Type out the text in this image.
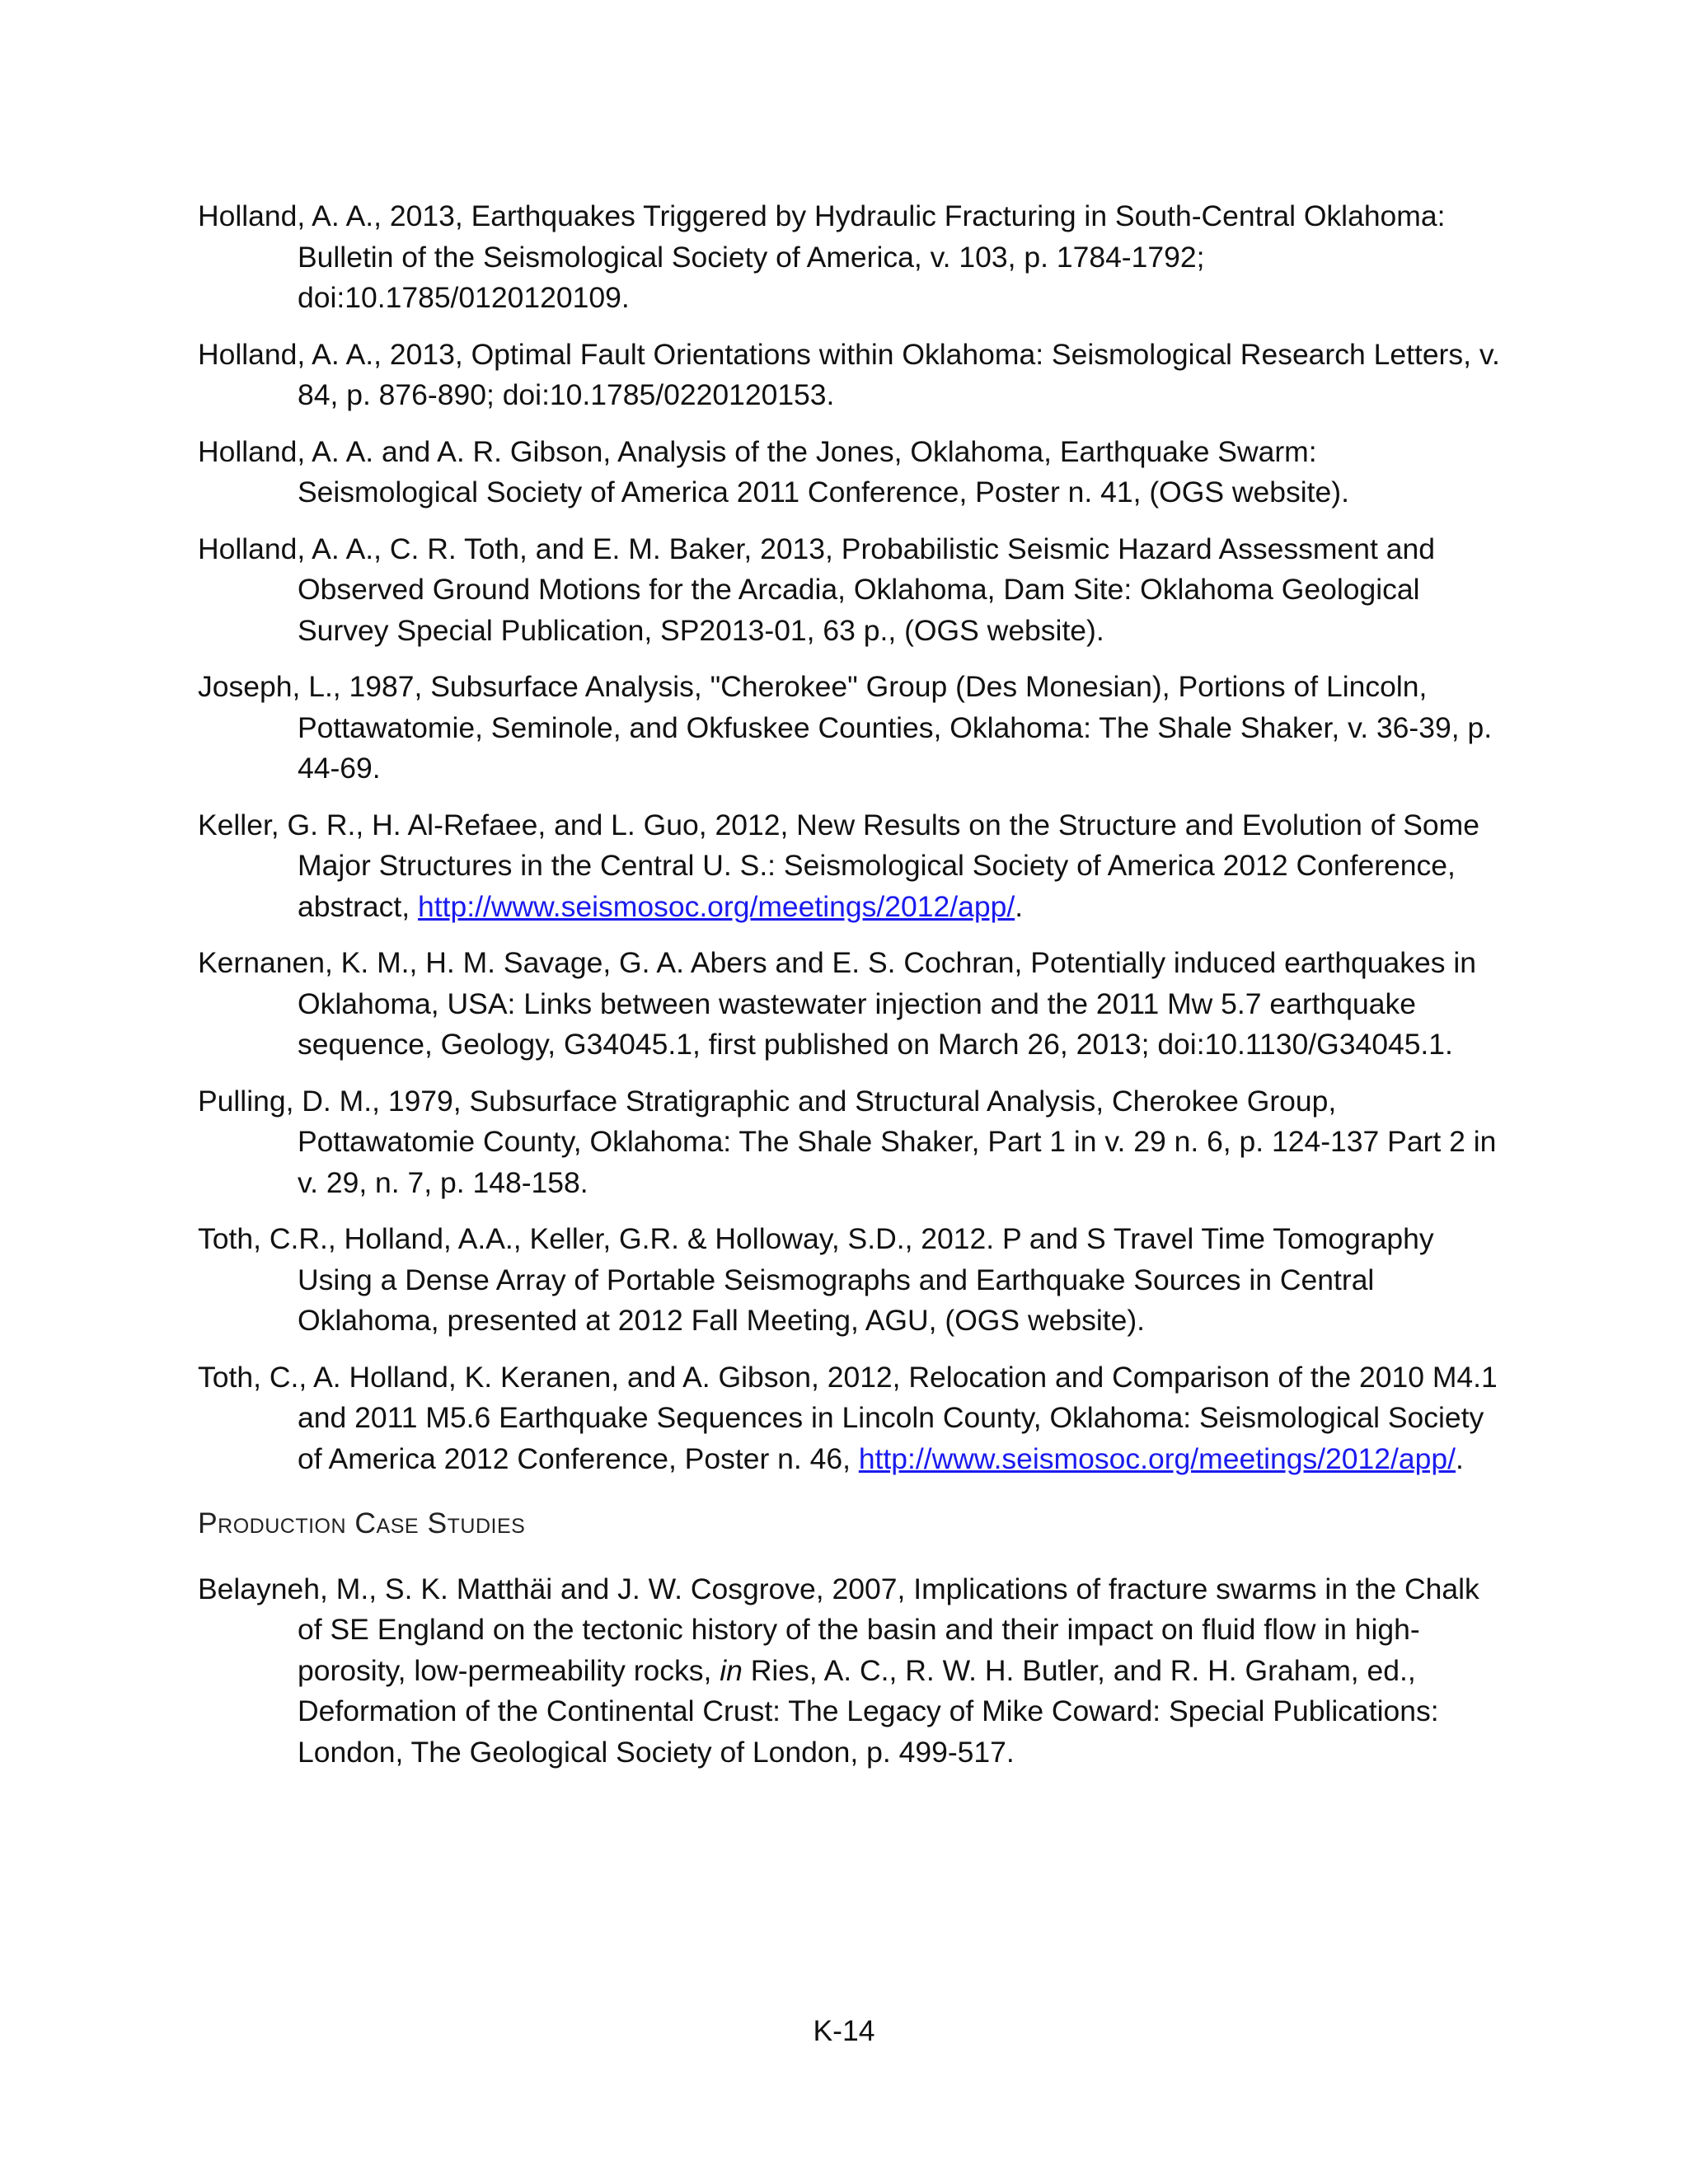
Holland, A. A., 2013, Earthquakes Triggered by Hydraulic Fracturing in South-Central Oklahoma: Bulletin of the Seismological Society of America, v. 103, p. 1784-1792; doi:10.1785/0120120109.

Holland, A. A., 2013, Optimal Fault Orientations within Oklahoma: Seismological Research Letters, v. 84, p. 876-890; doi:10.1785/0220120153.

Holland, A. A. and A. R. Gibson, Analysis of the Jones, Oklahoma, Earthquake Swarm: Seismological Society of America 2011 Conference, Poster n. 41, (OGS website).

Holland, A. A., C. R. Toth, and E. M. Baker, 2013, Probabilistic Seismic Hazard Assessment and Observed Ground Motions for the Arcadia, Oklahoma, Dam Site: Oklahoma Geological Survey Special Publication, SP2013-01, 63 p., (OGS website).

Joseph, L., 1987, Subsurface Analysis, "Cherokee" Group (Des Monesian), Portions of Lincoln, Pottawatomie, Seminole, and Okfuskee Counties, Oklahoma: The Shale Shaker, v. 36-39, p. 44-69.

Keller, G. R., H. Al-Refaee, and L. Guo, 2012, New Results on the Structure and Evolution of Some Major Structures in the Central U. S.: Seismological Society of America 2012 Conference, abstract, http://www.seismosoc.org/meetings/2012/app/.

Kernanen, K. M., H. M. Savage, G. A. Abers and E. S. Cochran, Potentially induced earthquakes in Oklahoma, USA: Links between wastewater injection and the 2011 Mw 5.7 earthquake sequence, Geology, G34045.1, first published on March 26, 2013; doi:10.1130/G34045.1.

Pulling, D. M., 1979, Subsurface Stratigraphic and Structural Analysis, Cherokee Group, Pottawatomie County, Oklahoma: The Shale Shaker, Part 1 in v. 29 n. 6, p. 124-137 Part 2 in v. 29, n. 7, p. 148-158.

Toth, C.R., Holland, A.A., Keller, G.R. & Holloway, S.D., 2012. P and S Travel Time Tomography Using a Dense Array of Portable Seismographs and Earthquake Sources in Central Oklahoma, presented at 2012 Fall Meeting, AGU, (OGS website).

Toth, C., A. Holland, K. Keranen, and A. Gibson, 2012, Relocation and Comparison of the 2010 M4.1 and 2011 M5.6 Earthquake Sequences in Lincoln County, Oklahoma: Seismological Society of America 2012 Conference, Poster n. 46, http://www.seismosoc.org/meetings/2012/app/.

Production Case Studies

Belayneh, M., S. K. Matthäi and J. W. Cosgrove, 2007, Implications of fracture swarms in the Chalk of SE England on the tectonic history of the basin and their impact on fluid flow in high-porosity, low-permeability rocks, in Ries, A. C., R. W. H. Butler, and R. H. Graham, ed., Deformation of the Continental Crust: The Legacy of Mike Coward: Special Publications: London, The Geological Society of London, p. 499-517.

K-14
